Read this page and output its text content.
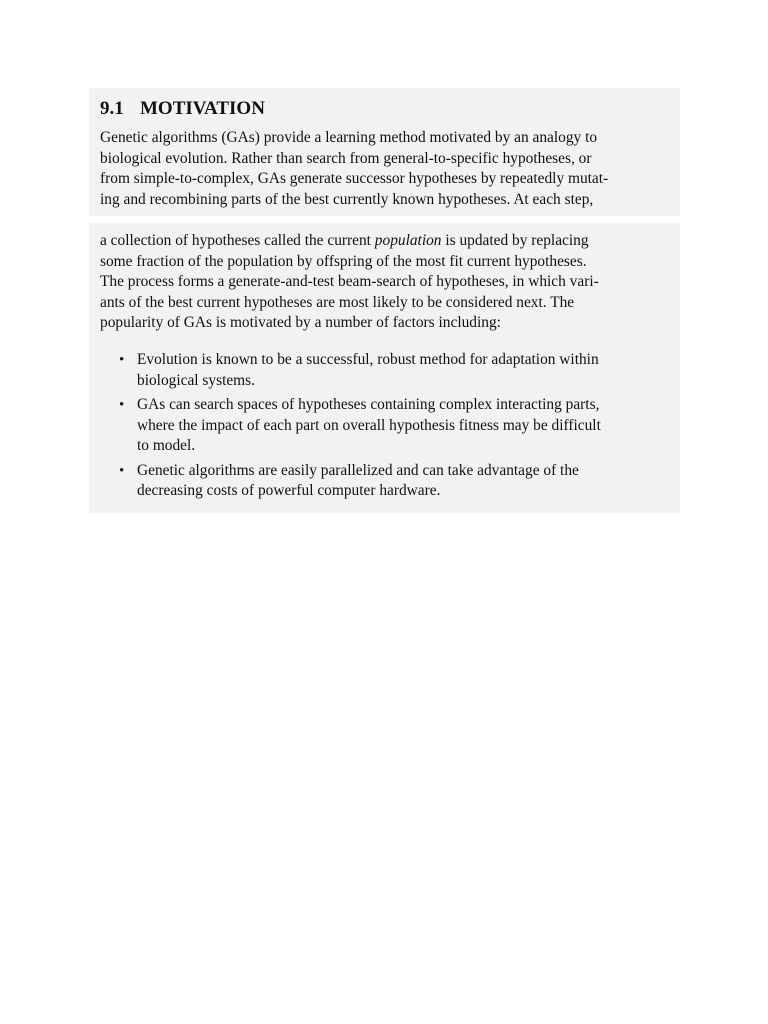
9.1 MOTIVATION

Genetic algorithms (GAs) provide a learning method motivated by an analogy to
biological evolution. Rather than search from general-to-specific hypotheses, or
from simple-to-complex, GAs generate successor hypotheses by repeatedly mutat-
ing and recombining parts of the best currently known hypotheses. At each step,

a collection of hypotheses called the current population is updated by replacing
some fraction of the population by offspring of the most fit current hypotheses.
The process forms a generate-and-test beam-search of hypotheses, in which vari-
ants of the best current hypotheses are most likely to be considered next. The
popularity of GAs is motivated by a number of factors including:

• Evolution is known to be a successful, robust method for adaptation within
biological systems.
• GAs can search spaces of hypotheses containing complex interacting parts,
where the impact of each part on overall hypothesis fitness may be difficult
to model.
• Genetic algorithms are easily parallelized and can take advantage of the
decreasing costs of powerful computer hardware.
